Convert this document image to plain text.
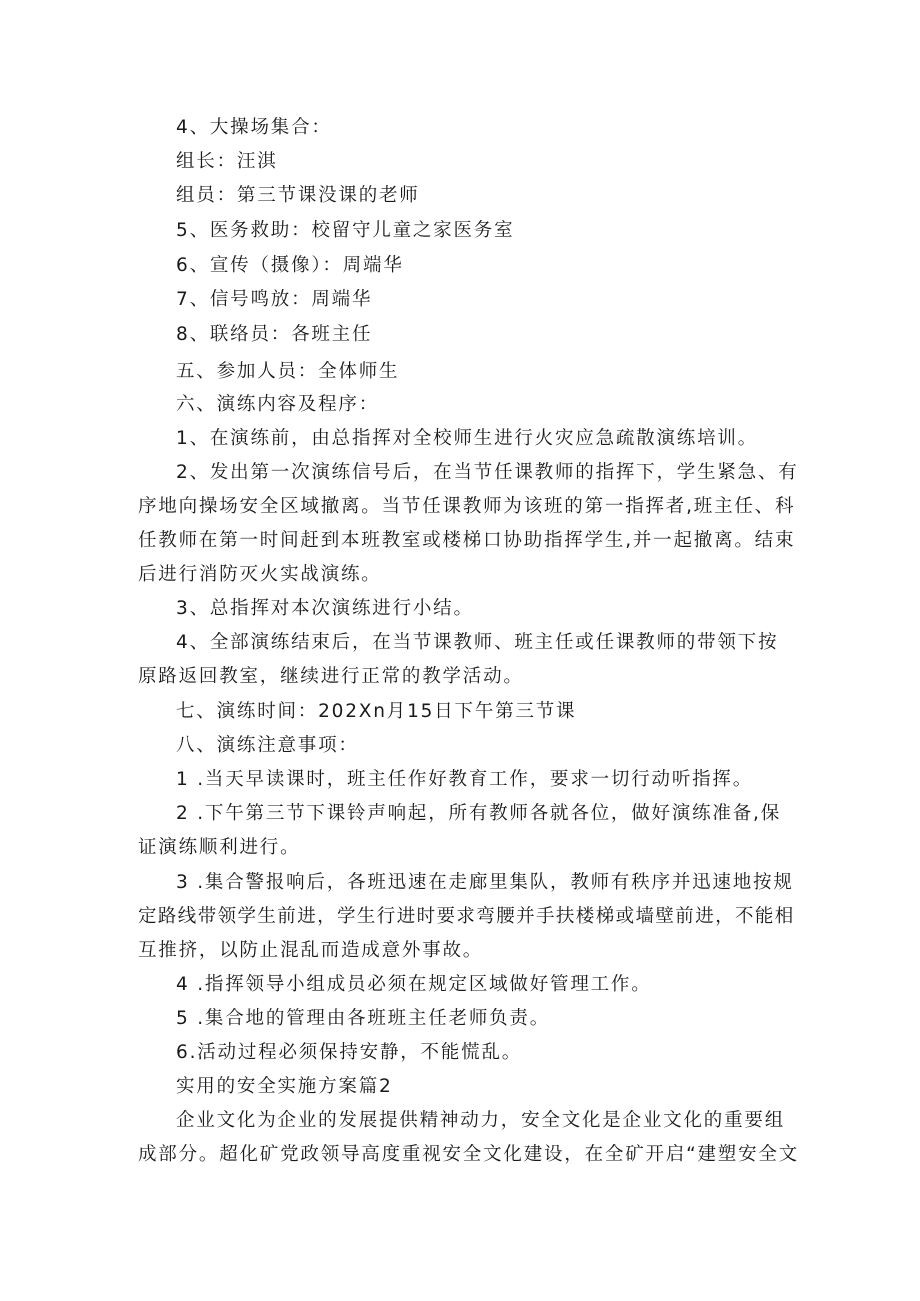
4、大操场集合：
组长：汪淇
组员：第三节课没课的老师
5、医务救助：校留守儿童之家医务室
6、宣传（摄像）：周端华
7、信号鸣放：周端华
8、联络员：各班主任
五、参加人员：全体师生
六、演练内容及程序：
1、在演练前，由总指挥对全校师生进行火灾应急疏散演练培训。
2、发出第一次演练信号后，在当节任课教师的指挥下，学生紧急、有
序地向操场安全区域撤离。当节任课教师为该班的第一指挥者,班主任、科
任教师在第一时间赶到本班教室或楼梯口协助指挥学生,并一起撤离。结束
后进行消防灭火实战演练。
3、总指挥对本次演练进行小结。
4、全部演练结束后，在当节课教师、班主任或任课教师的带领下按
原路返回教室，继续进行正常的教学活动。
七、演练时间：202Xn月15日下午第三节课
八、演练注意事项：
1 .当天早读课时，班主任作好教育工作，要求一切行动听指挥。
2 .下午第三节下课铃声响起，所有教师各就各位，做好演练准备,保
证演练顺利进行。
3 .集合警报响后，各班迅速在走廊里集队，教师有秩序并迅速地按规
定路线带领学生前进，学生行进时要求弯腰并手扶楼梯或墙壁前进，不能相
互推挤，以防止混乱而造成意外事故。
4 .指挥领导小组成员必须在规定区域做好管理工作。
5 .集合地的管理由各班班主任老师负责。
6.活动过程必须保持安静，不能慌乱。
实用的安全实施方案篇2
企业文化为企业的发展提供精神动力，安全文化是企业文化的重要组
成部分。超化矿党政领导高度重视安全文化建设，在全矿开启“建塑安全文
